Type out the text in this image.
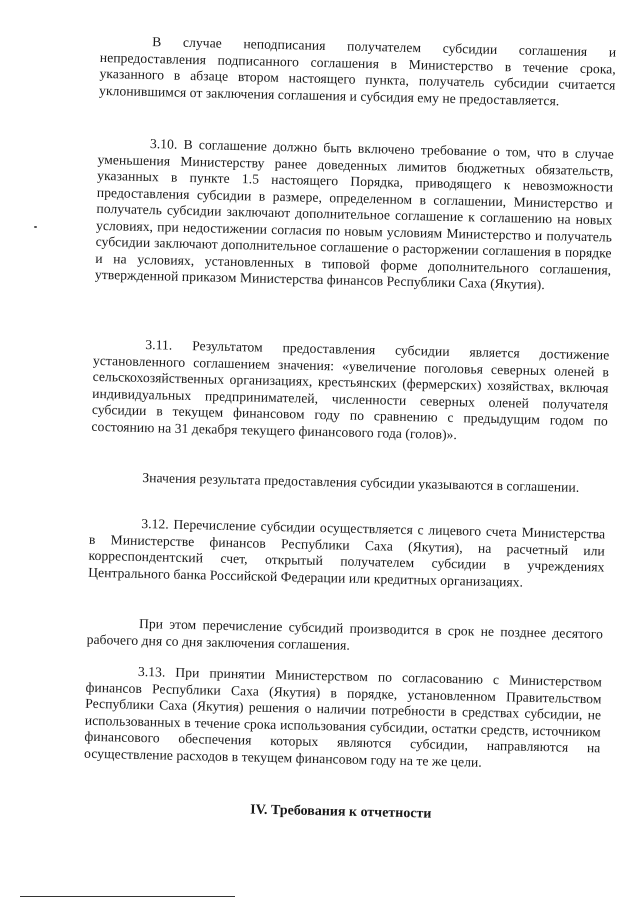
В случае неподписания получателем субсидии соглашения и непредоставления подписанного соглашения в Министерство в течение срока, указанного в абзаце втором настоящего пункта, получатель субсидии считается уклонившимся от заключения соглашения и субсидия ему не предоставляется.

3.10. В соглашение должно быть включено требование о том, что в случае уменьшения Министерству ранее доведенных лимитов бюджетных обязательств, указанных в пункте 1.5 настоящего Порядка, приводящего к невозможности предоставления субсидии в размере, определенном в соглашении, Министерство и получатель субсидии заключают дополнительное соглашение к соглашению на новых условиях, при недостижении согласия по новым условиям Министерство и получатель субсидии заключают дополнительное соглашение о расторжении соглашения в порядке и на условиях, установленных в типовой форме дополнительного соглашения, утвержденной приказом Министерства финансов Республики Саха (Якутия).

3.11. Результатом предоставления субсидии является достижение установленного соглашением значения: «увеличение поголовья северных оленей в сельскохозяйственных организациях, крестьянских (фермерских) хозяйствах, включая индивидуальных предпринимателей, численности северных оленей получателя субсидии в текущем финансовом году по сравнению с предыдущим годом по состоянию на 31 декабря текущего финансового года (голов)».

Значения результата предоставления субсидии указываются в соглашении.

3.12. Перечисление субсидии осуществляется с лицевого счета Министерства в Министерстве финансов Республики Саха (Якутия), на расчетный или корреспондентский счет, открытый получателем субсидии в учреждениях Центрального банка Российской Федерации или кредитных организациях.

При этом перечисление субсидий производится в срок не позднее десятого рабочего дня со дня заключения соглашения.

3.13. При принятии Министерством по согласованию с Министерством финансов Республики Саха (Якутия) в порядке, установленном Правительством Республики Саха (Якутия) решения о наличии потребности в средствах субсидии, не использованных в течение срока использования субсидии, остатки средств, источником финансового обеспечения которых являются субсидии, направляются на осуществление расходов в текущем финансовом году на те же цели.

IV. Требования к отчетности
